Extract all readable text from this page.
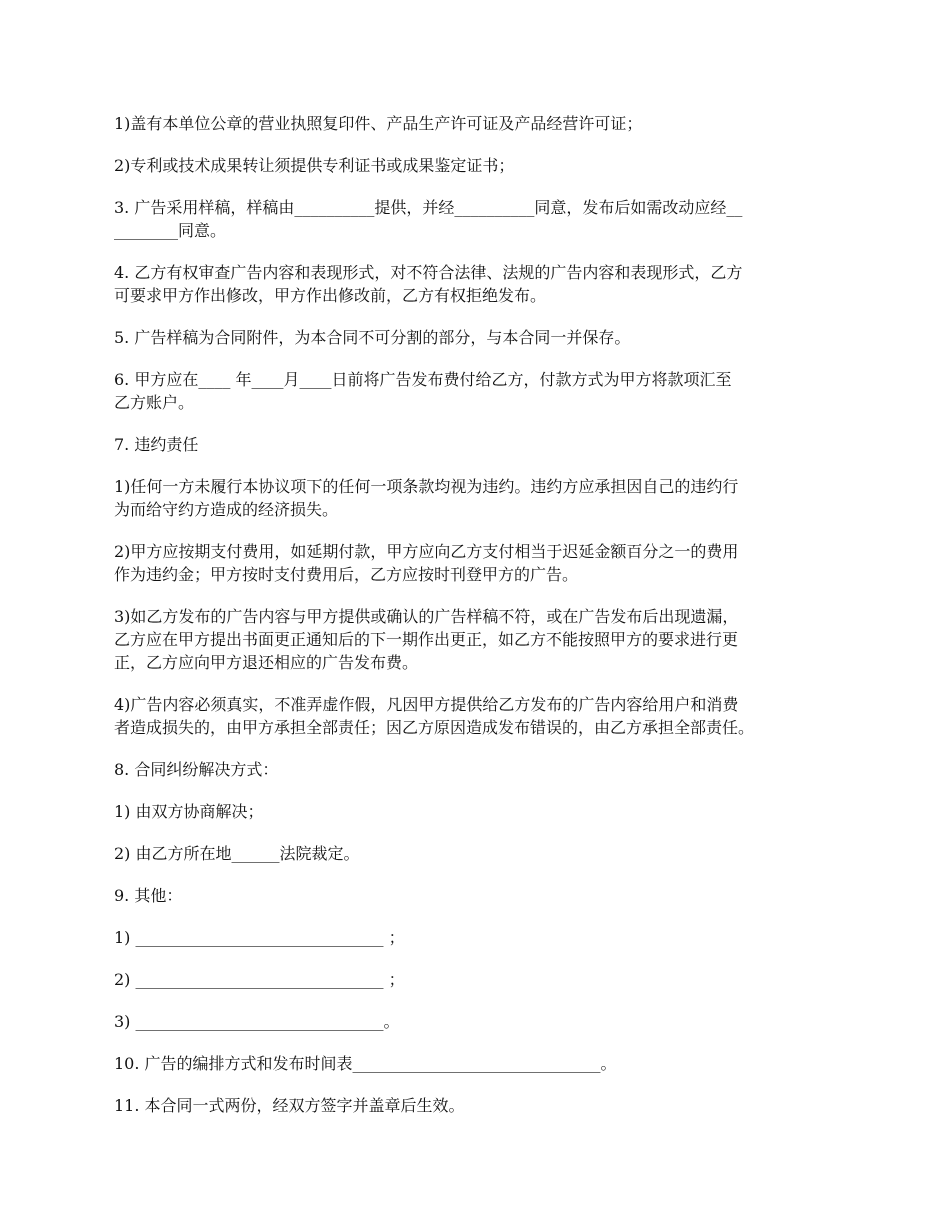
1)盖有本单位公章的营业执照复印件、产品生产许可证及产品经营许可证；

2)专利或技术成果转让须提供专利证书或成果鉴定证书；

3. 广告采用样稿，样稿由__________提供，并经__________同意，发布后如需改动应经__
________同意。

4. 乙方有权审查广告内容和表现形式，对不符合法律、法规的广告内容和表现形式，乙方
可要求甲方作出修改，甲方作出修改前，乙方有权拒绝发布。

5. 广告样稿为合同附件，为本合同不可分割的部分，与本合同一并保存。

6. 甲方应在____ 年____月____日前将广告发布费付给乙方，付款方式为甲方将款项汇至
乙方账户。

7. 违约责任

1)任何一方未履行本协议项下的任何一项条款均视为违约。违约方应承担因自己的违约行
为而给守约方造成的经济损失。

2)甲方应按期支付费用，如延期付款，甲方应向乙方支付相当于迟延金额百分之一的费用
作为违约金；甲方按时支付费用后，乙方应按时刊登甲方的广告。

3)如乙方发布的广告内容与甲方提供或确认的广告样稿不符，或在广告发布后出现遗漏，
乙方应在甲方提出书面更正通知后的下一期作出更正，如乙方不能按照甲方的要求进行更
正，乙方应向甲方退还相应的广告发布费。

4)广告内容必须真实，不准弄虚作假，凡因甲方提供给乙方发布的广告内容给用户和消费
者造成损失的，由甲方承担全部责任；因乙方原因造成发布错误的，由乙方承担全部责任。

8. 合同纠纷解决方式：

1) 由双方协商解决；

2) 由乙方所在地______法院裁定。

9. 其他：

1) _______________________________ ；

2) _______________________________ ；

3) _______________________________。

10. 广告的编排方式和发布时间表_______________________________。

11. 本合同一式两份，经双方签字并盖章后生效。
